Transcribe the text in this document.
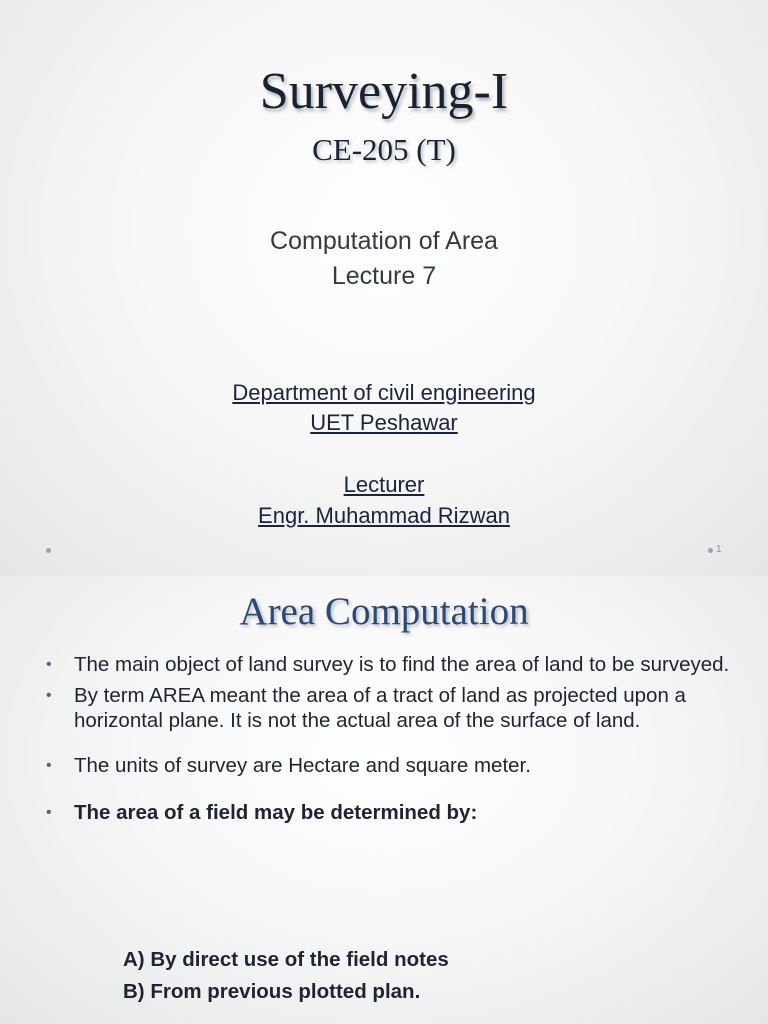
Surveying-I
CE-205 (T)
Computation of Area
Lecture 7
Department of civil engineering
UET Peshawar
Lecturer
Engr. Muhammad Rizwan
1
Area Computation
• The main object of land survey is to find the area of land to be surveyed.
• By term AREA meant the area of a tract of land as projected upon a horizontal plane. It is not the actual area of the surface of land.
• The units of survey are Hectare and square meter.
• The area of a field may be determined by:
A) By direct use of the field notes
B) From previous plotted plan.
